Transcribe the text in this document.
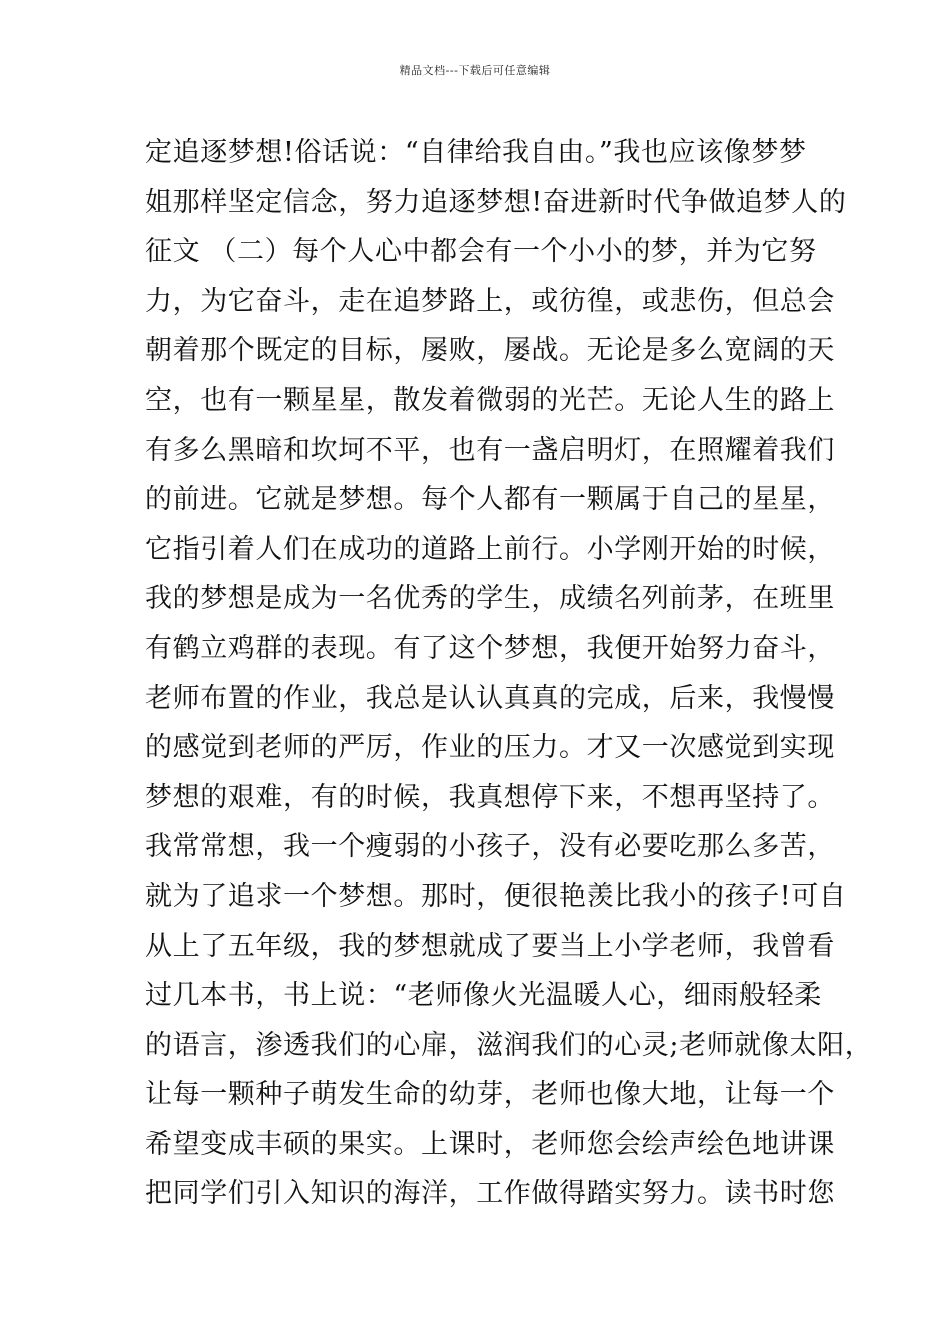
精品文档---下载后可任意编辑
定追逐梦想!俗话说：“自律给我自由。”我也应该像梦梦
姐那样坚定信念，努力追逐梦想!奋进新时代争做追梦人的
征文 （二）每个人心中都会有一个小小的梦，并为它努
力，为它奋斗，走在追梦路上，或彷徨，或悲伤，但总会
朝着那个既定的目标，屡败，屡战。无论是多么宽阔的天
空，也有一颗星星，散发着微弱的光芒。无论人生的路上
有多么黑暗和坎坷不平，也有一盏启明灯，在照耀着我们
的前进。它就是梦想。每个人都有一颗属于自己的星星，
它指引着人们在成功的道路上前行。小学刚开始的时候，
我的梦想是成为一名优秀的学生，成绩名列前茅，在班里
有鹤立鸡群的表现。有了这个梦想，我便开始努力奋斗，
老师布置的作业，我总是认认真真的完成，后来，我慢慢
的感觉到老师的严厉，作业的压力。才又一次感觉到实现
梦想的艰难，有的时候，我真想停下来，不想再坚持了。
我常常想，我一个瘦弱的小孩子，没有必要吃那么多苦，
就为了追求一个梦想。那时，便很艳羡比我小的孩子!可自
从上了五年级，我的梦想就成了要当上小学老师，我曾看
过几本书，书上说：“老师像火光温暖人心，细雨般轻柔
的语言，渗透我们的心扉，滋润我们的心灵;老师就像太阳，
让每一颗种子萌发生命的幼芽，老师也像大地，让每一个
希望变成丰硕的果实。上课时，老师您会绘声绘色地讲课
把同学们引入知识的海洋，工作做得踏实努力。读书时您
